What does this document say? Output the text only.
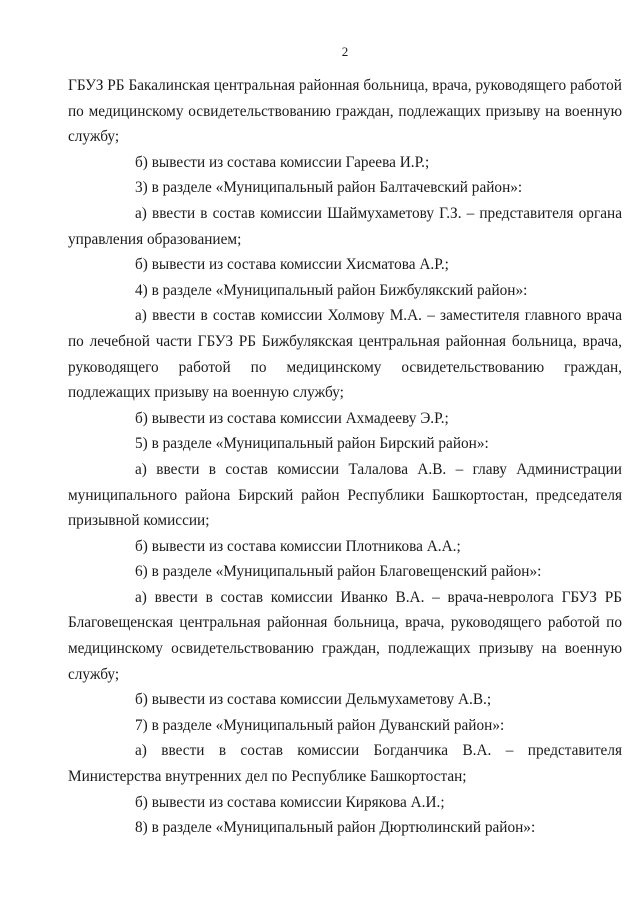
2

ГБУЗ РБ Бакалинская центральная районная больница, врача, руководящего работой по медицинскому освидетельствованию граждан, подлежащих призыву на военную службу;

б) вывести из состава комиссии Гареева И.Р.;

3) в разделе «Муниципальный район Балтачевский район»:

а) ввести в состав комиссии Шаймухаметову Г.З. – представителя органа управления образованием;

б) вывести из состава комиссии Хисматова А.Р.;

4) в разделе «Муниципальный район Бижбулякский район»:

а) ввести в состав комиссии Холмову М.А. – заместителя главного врача по лечебной части ГБУЗ РБ Бижбулякская центральная районная больница, врача, руководящего работой по медицинскому освидетельствованию граждан, подлежащих призыву на военную службу;

б) вывести из состава комиссии Ахмадееву Э.Р.;

5) в разделе «Муниципальный район Бирский район»:

а) ввести в состав комиссии Талалова А.В. – главу Администрации муниципального района Бирский район Республики Башкортостан, председателя призывной комиссии;

б) вывести из состава комиссии Плотникова А.А.;

6) в разделе «Муниципальный район Благовещенский район»:

а) ввести в состав комиссии Иванко В.А. – врача-невролога ГБУЗ РБ Благовещенская центральная районная больница, врача, руководящего работой по медицинскому освидетельствованию граждан, подлежащих призыву на военную службу;

б) вывести из состава комиссии Дельмухаметову А.В.;

7) в разделе «Муниципальный район Дуванский район»:

а) ввести в состав комиссии Богданчика В.А. – представителя Министерства внутренних дел по Республике Башкортостан;

б) вывести из состава комиссии Кирякова А.И.;

8) в разделе «Муниципальный район Дюртюлинский район»:
